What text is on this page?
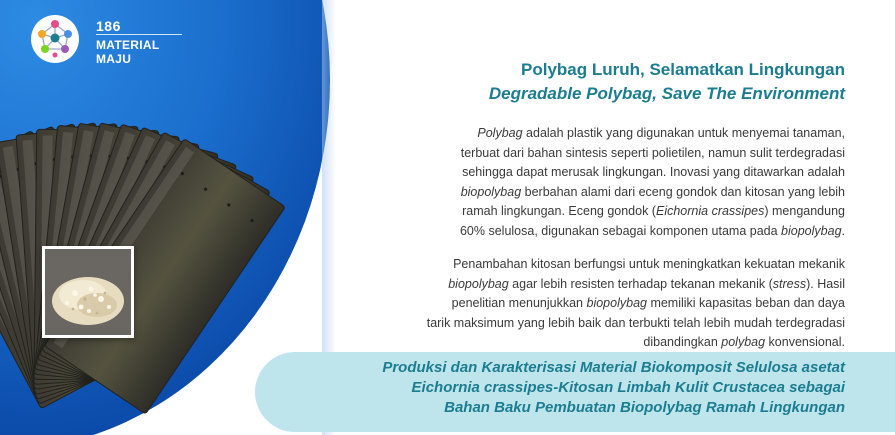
186
MATERIAL MAJU
Polybag Luruh, Selamatkan Lingkungan
Degradable Polybag, Save The Environment

Polybag adalah plastik yang digunakan untuk menyemai tanaman,
terbuat dari bahan sintesis seperti polietilen, namun sulit terdegradasi
sehingga dapat merusak lingkungan. Inovasi yang ditawarkan adalah
biopolybag berbahan alami dari eceng gondok dan kitosan yang lebih
ramah lingkungan. Eceng gondok (Eichornia crassipes) mengandung
60% selulosa, digunakan sebagai komponen utama pada biopolybag.

Penambahan kitosan berfungsi untuk meningkatkan kekuatan mekanik
biopolybag agar lebih resisten terhadap tekanan mekanik (stress). Hasil
penelitian menunjukkan biopolybag memiliki kapasitas beban dan daya
tarik maksimum yang lebih baik dan terbukti telah lebih mudah terdegradasi
dibandingkan polybag konvensional.

Produksi dan Karakterisasi Material Biokomposit Selulosa asetat
Eichornia crassipes-Kitosan Limbah Kulit Crustacea sebagai
Bahan Baku Pembuatan Biopolybag Ramah Lingkungan
